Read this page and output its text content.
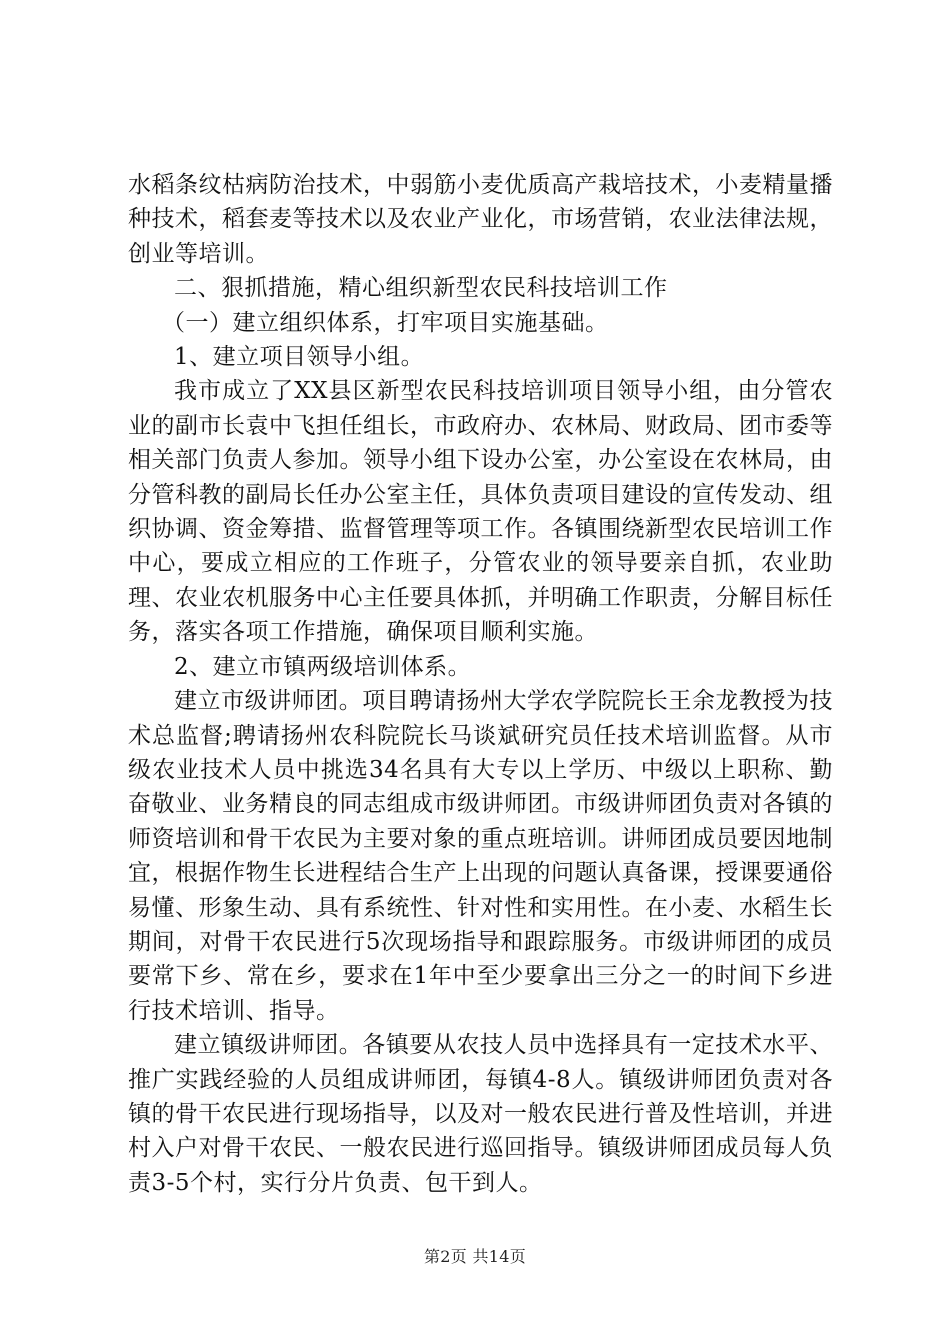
水稻条纹枯病防治技术，中弱筋小麦优质高产栽培技术，小麦精量播种技术，稻套麦等技术以及农业产业化，市场营销，农业法律法规，创业等培训。

二、狠抓措施，精心组织新型农民科技培训工作

（一）建立组织体系，打牢项目实施基础。

1、建立项目领导小组。

我市成立了XX县区新型农民科技培训项目领导小组，由分管农业的副市长袁中飞担任组长，市政府办、农林局、财政局、团市委等相关部门负责人参加。领导小组下设办公室，办公室设在农林局，由分管科教的副局长任办公室主任，具体负责项目建设的宣传发动、组织协调、资金筹措、监督管理等项工作。各镇围绕新型农民培训工作中心，要成立相应的工作班子，分管农业的领导要亲自抓，农业助理、农业农机服务中心主任要具体抓，并明确工作职责，分解目标任务，落实各项工作措施，确保项目顺利实施。

2、建立市镇两级培训体系。

建立市级讲师团。项目聘请扬州大学农学院院长王余龙教授为技术总监督;聘请扬州农科院院长马谈斌研究员任技术培训监督。从市级农业技术人员中挑选34名具有大专以上学历、中级以上职称、勤奋敬业、业务精良的同志组成市级讲师团。市级讲师团负责对各镇的师资培训和骨干农民为主要对象的重点班培训。讲师团成员要因地制宜，根据作物生长进程结合生产上出现的问题认真备课，授课要通俗易懂、形象生动、具有系统性、针对性和实用性。在小麦、水稻生长期间，对骨干农民进行5次现场指导和跟踪服务。市级讲师团的成员要常下乡、常在乡，要求在1年中至少要拿出三分之一的时间下乡进行技术培训、指导。

建立镇级讲师团。各镇要从农技人员中选择具有一定技术水平、推广实践经验的人员组成讲师团，每镇4-8人。镇级讲师团负责对各镇的骨干农民进行现场指导，以及对一般农民进行普及性培训，并进村入户对骨干农民、一般农民进行巡回指导。镇级讲师团成员每人负责3-5个村，实行分片负责、包干到人。

第2页 共14页
